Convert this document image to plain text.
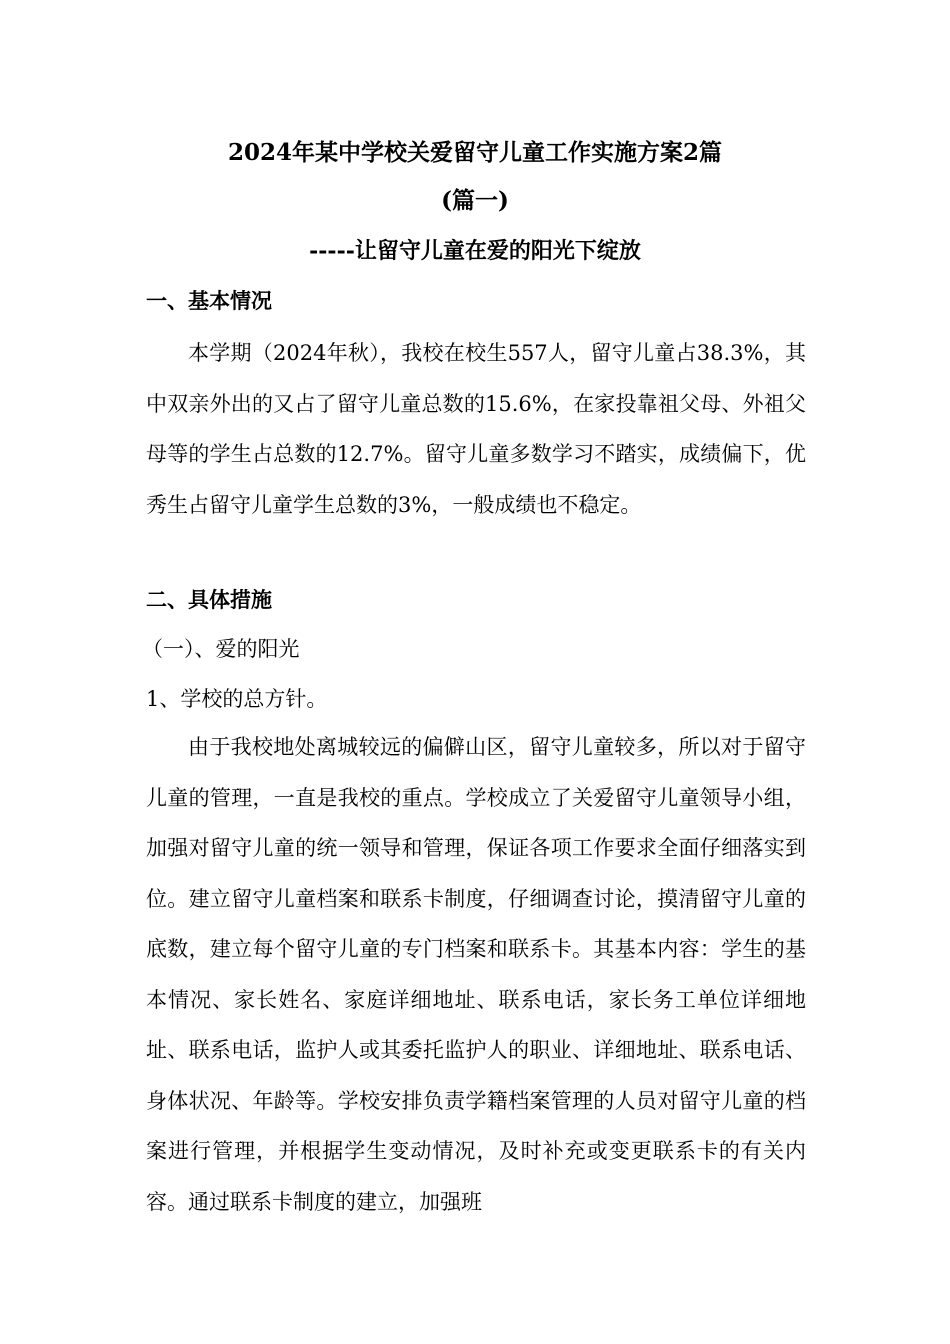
2024年某中学校关爱留守儿童工作实施方案2篇
(篇一)
-----让留守儿童在爱的阳光下绽放
一、基本情况

本学期（2024年秋），我校在校生557人，留守儿童占38.3%，其中双亲外出的又占了留守儿童总数的15.6%，在家投靠祖父母、外祖父母等的学生占总数的12.7%。留守儿童多数学习不踏实，成绩偏下，优秀生占留守儿童学生总数的3%，一般成绩也不稳定。

二、具体措施
（一）、爱的阳光
1、学校的总方针。

由于我校地处离城较远的偏僻山区，留守儿童较多，所以对于留守儿童的管理，一直是我校的重点。学校成立了关爱留守儿童领导小组，加强对留守儿童的统一领导和管理，保证各项工作要求全面仔细落实到位。建立留守儿童档案和联系卡制度，仔细调查讨论，摸清留守儿童的底数，建立每个留守儿童的专门档案和联系卡。其基本内容：学生的基本情况、家长姓名、家庭详细地址、联系电话，家长务工单位详细地址、联系电话，监护人或其委托监护人的职业、详细地址、联系电话、身体状况、年龄等。学校安排负责学籍档案管理的人员对留守儿童的档案进行管理，并根据学生变动情况，及时补充或变更联系卡的有关内容。通过联系卡制度的建立，加强班
